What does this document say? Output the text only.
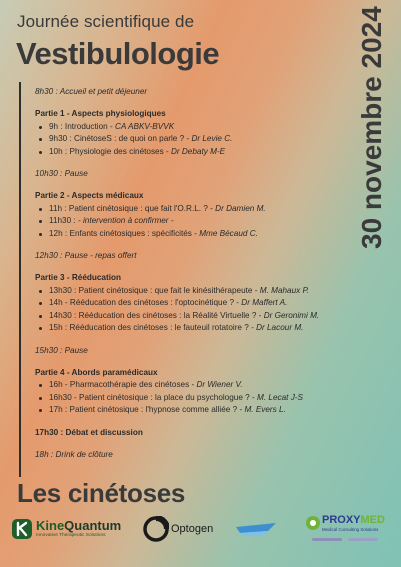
Journée scientifique de
Vestibulologie	30 novembre 2024
8h30 : Accueil et petit déjeuner
Partie 1 - Aspects physiologiques
9h : Introduction - CA ABKV-BVVK
9h30 : CinétoseS : de quoi on parle ? - Dr Levie C.
10h : Physiologie des cinétoses - Dr Debaty M-E
10h30 : Pause
Partie 2 - Aspects médicaux
11h : Patient cinétosique : que fait l'O.R.L. ? - Dr Damien M.
11h30 : - intervention à confirmer -
12h : Enfants cinétosiques : spécificités - Mme Bécaud C.
12h30 : Pause - repas offert
Partie 3 - Rééducation
13h30 : Patient cinétosique : que fait le kinésithérapeute - M. Mahaux P.
14h - Rééducation des cinétoses : l'optocinétique ? - Dr Maffert A.
14h30 : Rééducation des cinétoses : la Réalité Virtuelle ? - Dr Geronimi M.
15h : Rééducation des cinétoses : le fauteuil rotatoire ? - Dr Lacour M.
15h30 : Pause
Partie 4 - Abords paramédicaux
16h - Pharmacothérapie des cinétoses - Dr Wiener V.
16h30 - Patient cinétosique : la place du psychologue ? - M. Lecat J-S
17h : Patient cinétosique : l'hypnose comme alliée ? - M. Evers L.
17h30 : Débat et discussion
18h : Drink de clôture
Les cinétoses
KineQuantum
Innovative Therapeutic Solutions
Optogen
PROXYMED
Medical Consulting Solutions
